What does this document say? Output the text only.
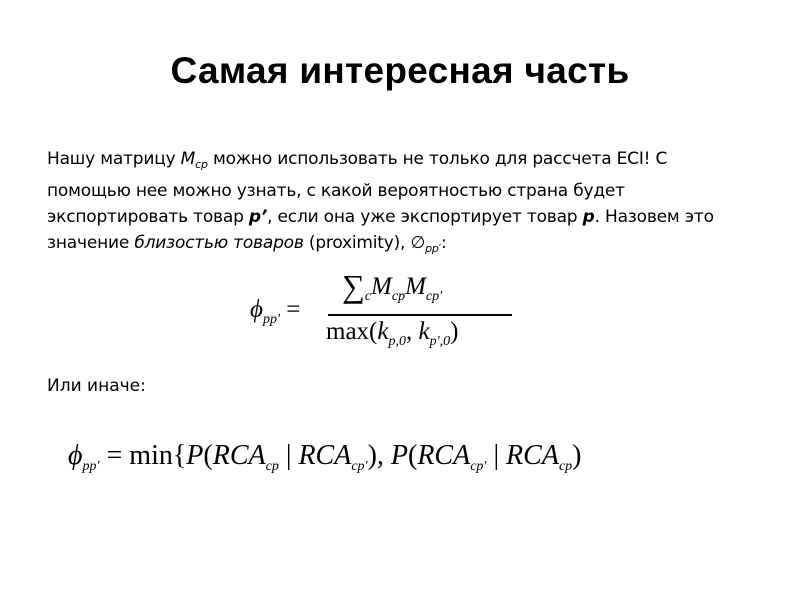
Самая интересная часть
Нашу матрицу $M_{cp}$ можно использовать не только для рассчета ECI! С
помощью нее можно узнать, с какой вероятностью страна будет
экспортировать товар p’, если она уже экспортирует товар p. Назовем это
значение близостью товаров (proximity), $\emptyset_{pp'}$:
$\phi_{pp'}$ =
$\sum_cM_{cp}M_{cp'}$
$\max(k_{p,0}$, $k_{p',0}$)
Или иначе:
$\phi_{pp'} = \min\{P(RCA_{cp}$ | $RCA_{cp'}$), $P(RCA_{cp'}$ | $RCA_{cp}$)
